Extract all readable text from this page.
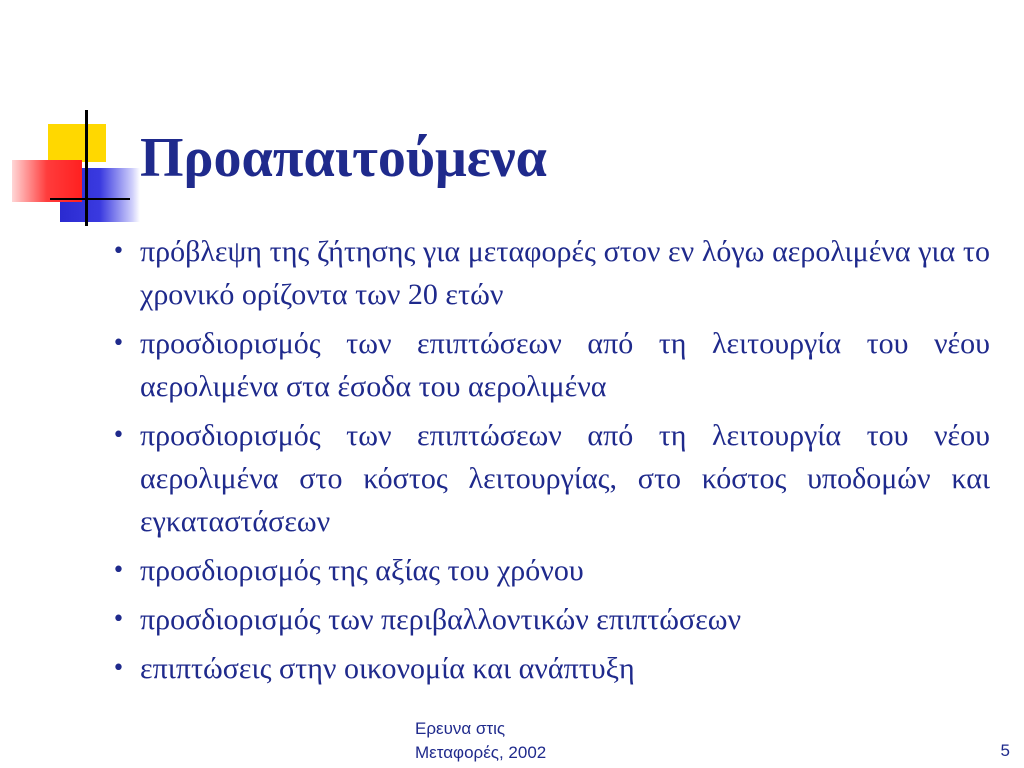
Προαπαιτούμενα
• πρόβλεψη της ζήτησης για μεταφορές στον εν λόγω αερολιμένα για το χρονικό ορίζοντα των 20 ετών
• προσδιορισμός των επιπτώσεων από τη λειτουργία του νέου αερολιμένα στα έσοδα του αερολιμένα
• προσδιορισμός των επιπτώσεων από τη λειτουργία του νέου αερολιμένα στο κόστος λειτουργίας, στο κόστος υποδομών και εγκαταστάσεων
• προσδιορισμός της αξίας του χρόνου
• προσδιορισμός των περιβαλλοντικών επιπτώσεων
• επιπτώσεις στην οικονομία και ανάπτυξη
Ερευνα στις
Μεταφορές, 2002	5
